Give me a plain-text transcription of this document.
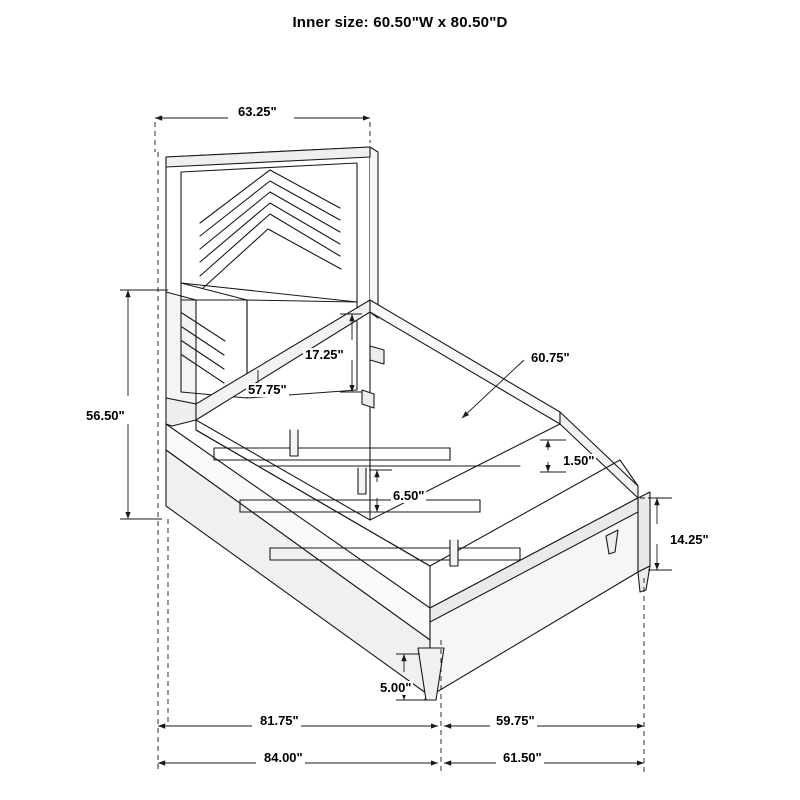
Inner size: 60.50"W x 80.50"D
63.25"
17.25"
57.75"
56.50"
60.75"
1.50"
6.50"
14.25"
5.00"
81.75"	59.75"
84.00"	61.50"
